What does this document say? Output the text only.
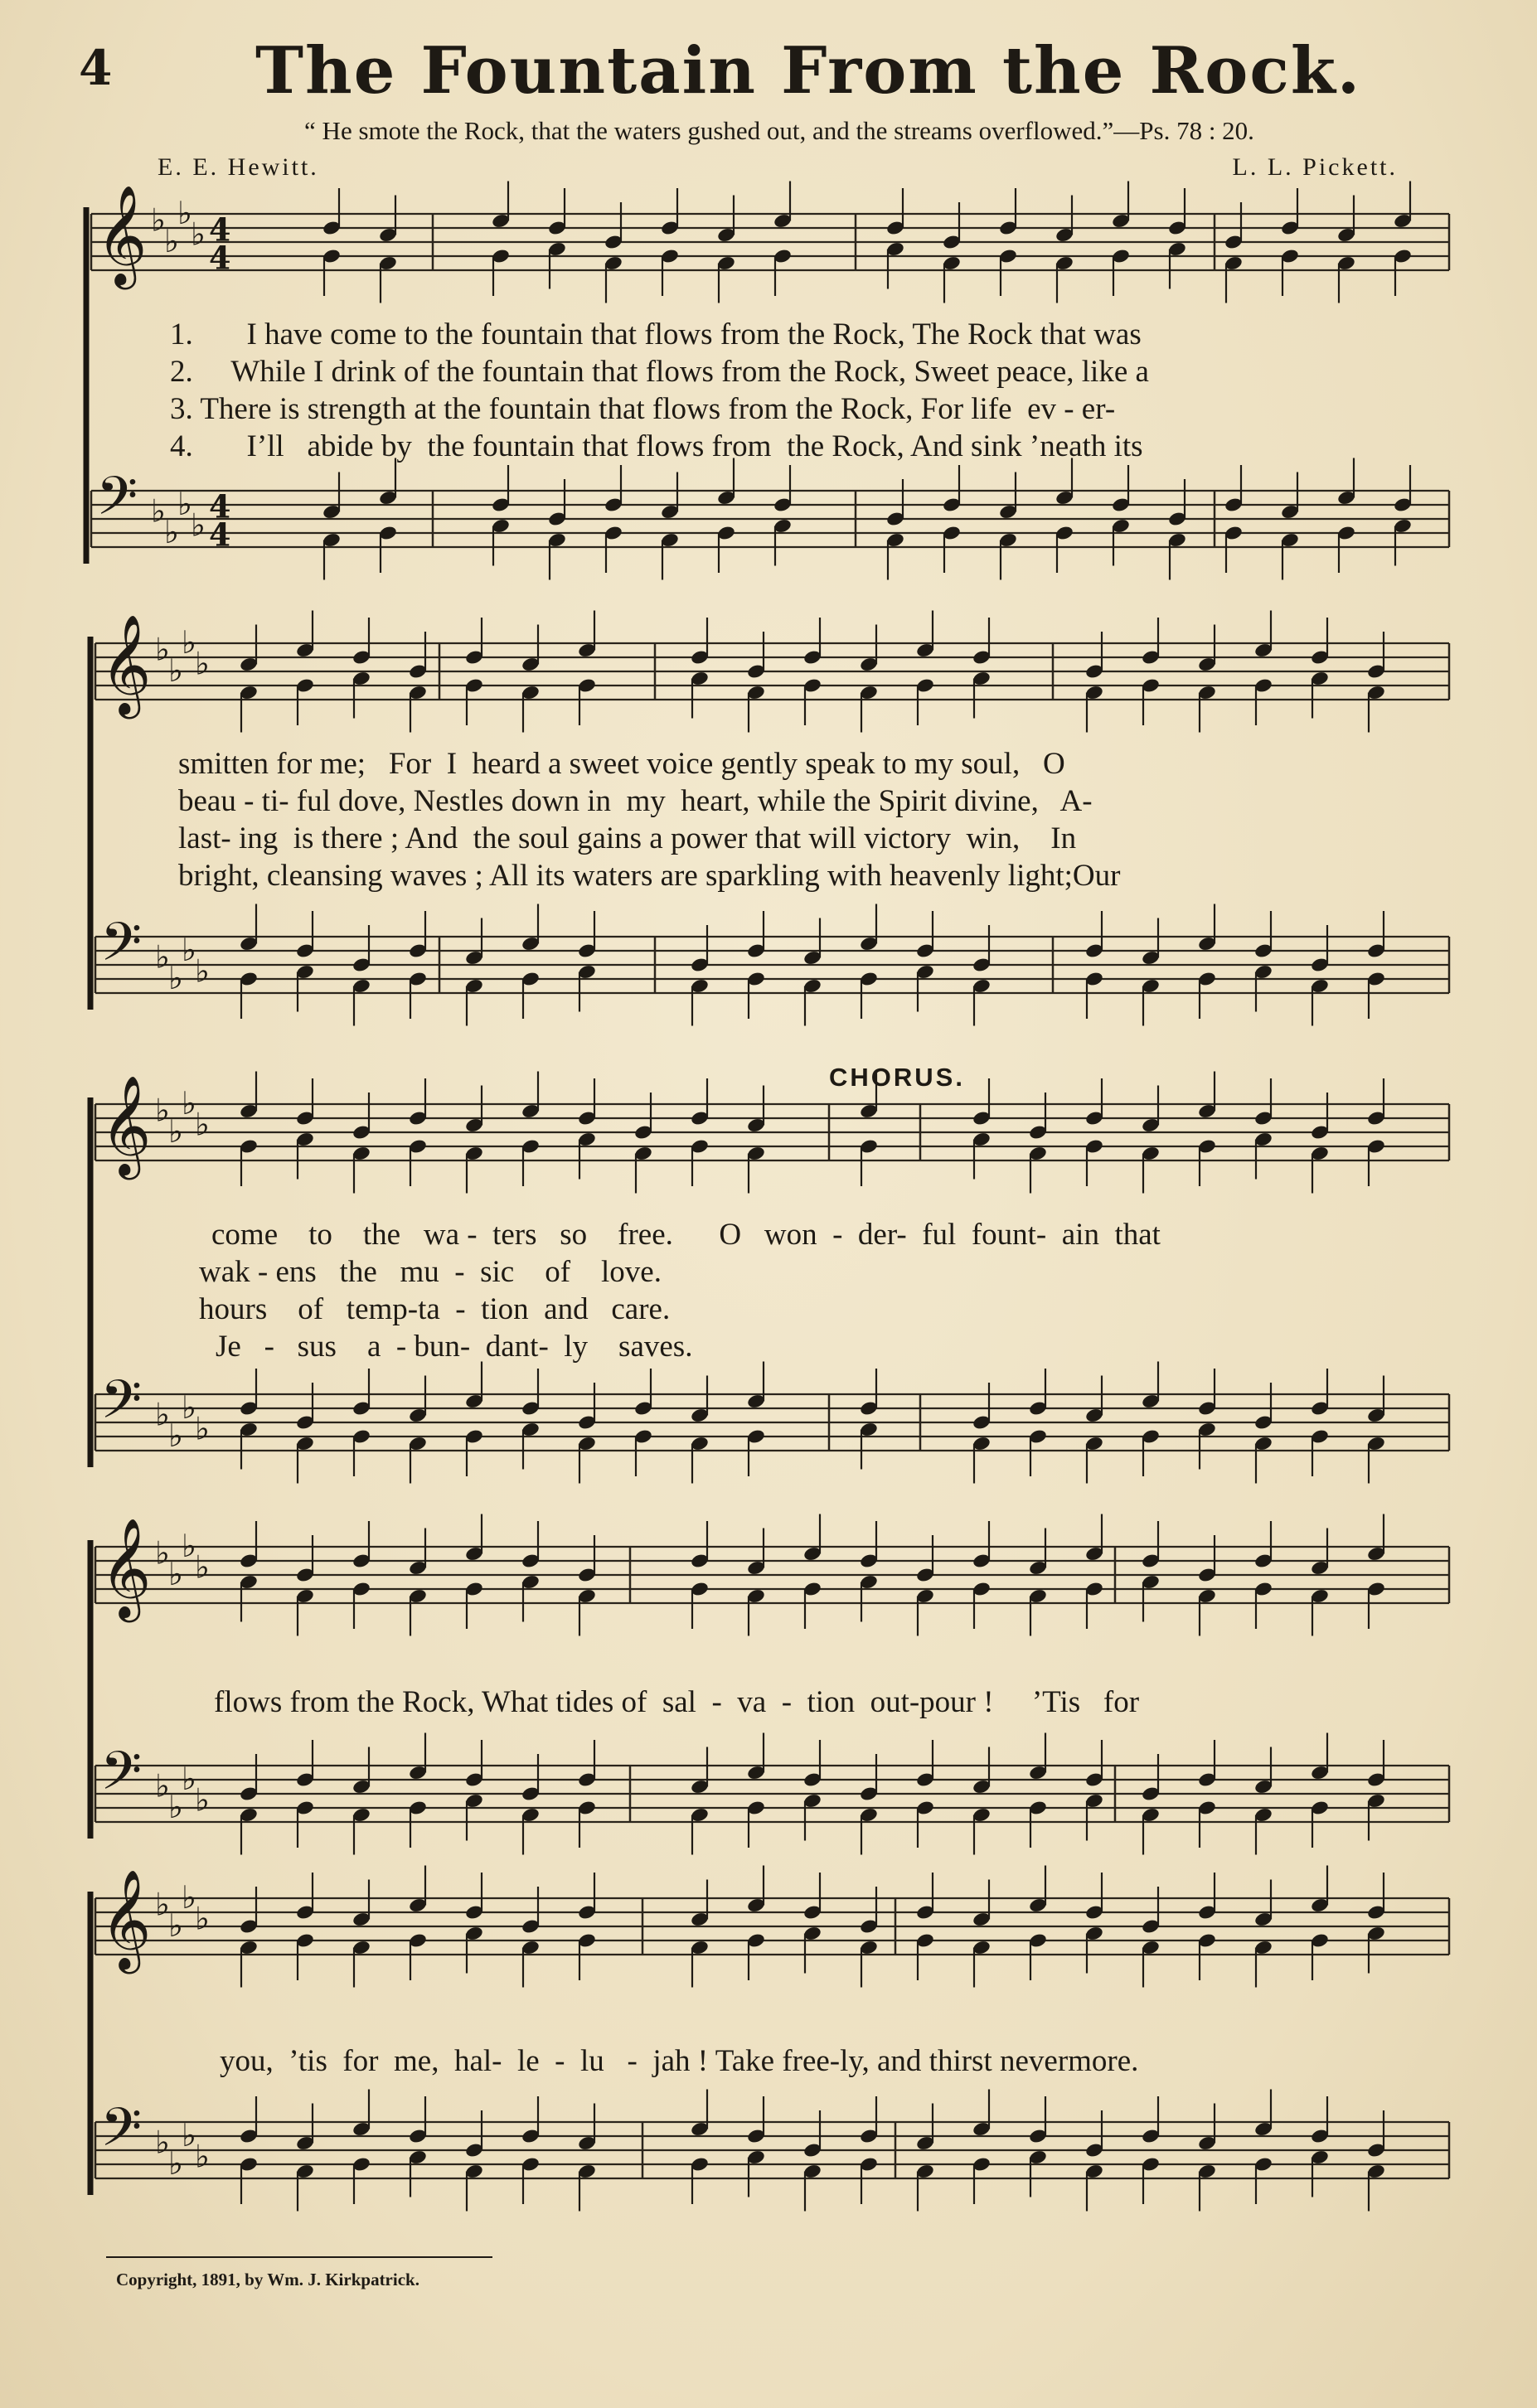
4 The Fountain From the Rock.
“ He smote the Rock, that the waters gushed out, and the streams overflowed.”—Ps. 78 : 20.
E. E. Hewitt.	L. L. Pickett.
1.       I have come to the fountain that flows from the Rock, The Rock that was
2.     While I drink of the fountain that flows from the Rock, Sweet peace, like a
3. There is strength at the fountain that flows from the Rock, For life  ev - er-
4.       I’ll   abide by  the fountain that flows from  the Rock, And sink ’neath its
smitten for me;   For  I  heard a sweet voice gently speak to my soul,   O
beau - ti- ful dove, Nestles down in  my  heart, while the Spirit divine,   A-
last- ing  is there ; And  the soul gains a power that will victory  win,    In
bright, cleansing waves ; All its waters are sparkling with heavenly light;Our
CHORUS.
come    to    the   wa -  ters   so    free.      O   won  -  der-  ful  fount-  ain  that
wak - ens   the   mu  -  sic    of    love.
hours    of   temp-ta  -  tion  and   care.
Je   -   sus    a  - bun-  dant-  ly    saves.
flows from the Rock, What tides of  sal  -  va  -  tion  out-pour !     ’Tis   for
you,  ’tis  for  me,  hal-  le  -  lu   -  jah ! Take free-ly, and thirst nevermore.
Copyright, 1891, by Wm. J. Kirkpatrick.
𝄞 ♭
♭
♭
♭ 4
4
𝄢 ♭
♭
♭
♭
4
4
𝄞 ♭
♭
♭
♭
𝄢 ♭
♭
♭
♭
𝄞 ♭
♭
♭
♭
𝄢 ♭
♭
♭
♭
𝄞 ♭
♭
♭
♭
𝄢 ♭
♭
♭
♭
𝄞 ♭
♭
♭
♭
𝄢 ♭
♭
♭
♭
